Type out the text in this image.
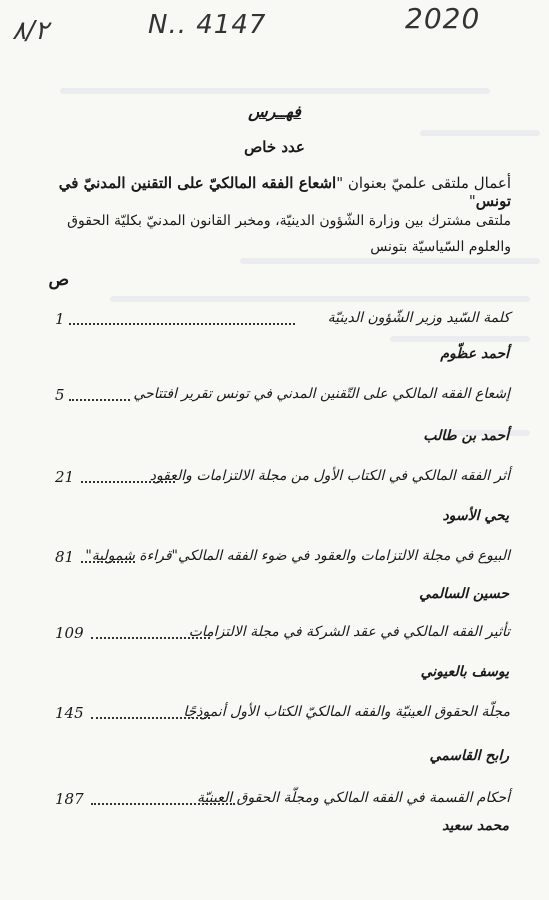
٨/٢	N.. 4147	2020
فهــرس
عدد خاص
أعمال ملتقى علميّ بعنوان "اشعاع الفقه المالكيّ على التقنين المدنيّ في تونس"
ملتقى مشترك بين وزارة الشّؤون الدينيّة، ومخبر القانون المدنيّ بكليّة الحقوق والعلوم السّياسيّة بتونس
ص
كلمة السّيد وزير الشّؤون الدينيّة
1
أحمد عظّوم
إشعاع الفقه المالكي على التّقنين المدني في تونس تقرير افتتاحي
5
أحمد بن طالب
أثر الفقه المالكي في الكتاب الأول من مجلة الالتزامات والعقود
21
يحي الأسود
البيوع في مجلة الالتزامات والعقود في ضوء الفقه المالكي"قراءة شمولية"
81
حسين السالمي
تأثير الفقه المالكي في عقد الشركة في مجلة الالتزامات
109
يوسف بالعيوني
مجلّة الحقوق العينيّة والفقه المالكيّ الكتاب الأول أنموذجًا
145
رابح القاسمي
أحكام القسمة في الفقه المالكي ومجلّة الحقوق العينيّة
187
محمد سعيد
